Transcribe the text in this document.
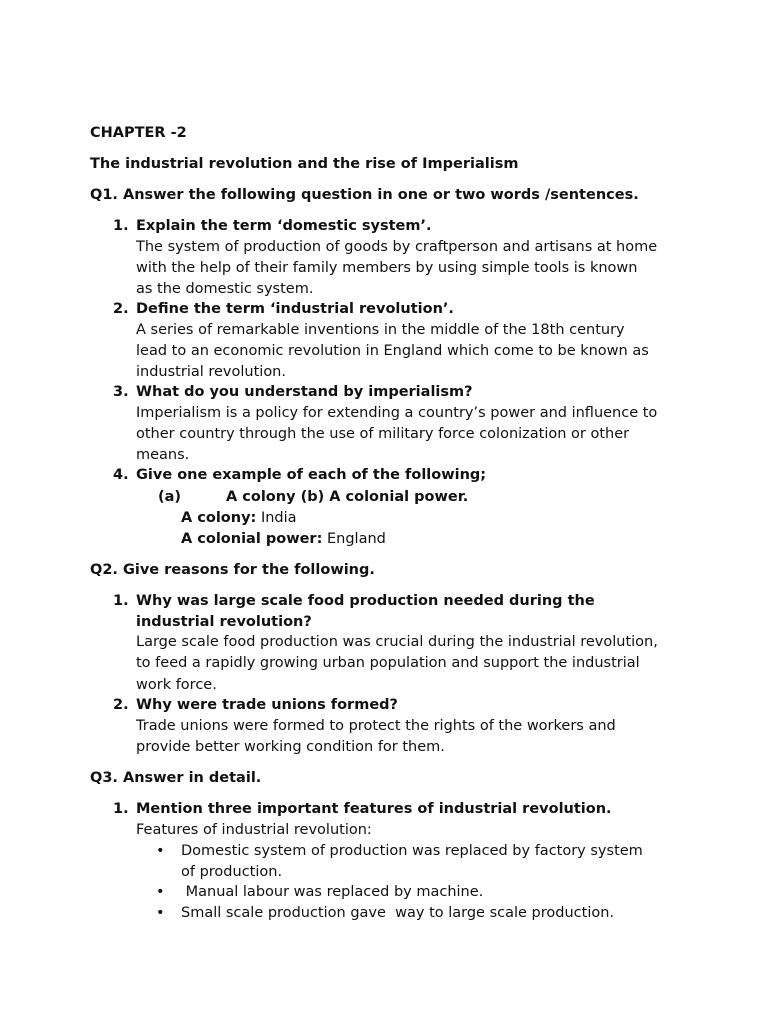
CHAPTER -2
The industrial revolution and the rise of Imperialism
Q1. Answer the following question in one or two words /sentences.
1. Explain the term ‘domestic system’.
The system of production of goods by craftperson and artisans at home
with the help of their family members by using simple tools is known
as the domestic system.
2. Define the term ‘industrial revolution’.
A series of remarkable inventions in the middle of the 18th century
lead to an economic revolution in England which come to be known as
industrial revolution.
3. What do you understand by imperialism?
Imperialism is a policy for extending a country’s power and influence to
other country through the use of military force colonization or other
means.
4. Give one example of each of the following;
(a)	A colony (b) A colonial power.
A colony: India
A colonial power: England
Q2. Give reasons for the following.
1. Why was large scale food production needed during the
industrial revolution?
Large scale food production was crucial during the industrial revolution,
to feed a rapidly growing urban population and support the industrial
work force.
2. Why were trade unions formed?
Trade unions were formed to protect the rights of the workers and
provide better working condition for them.
Q3. Answer in detail.
1. Mention three important features of industrial revolution.
Features of industrial revolution:
• Domestic system of production was replaced by factory system
of production.
• Manual labour was replaced by machine.
• Small scale production gave  way to large scale production.
